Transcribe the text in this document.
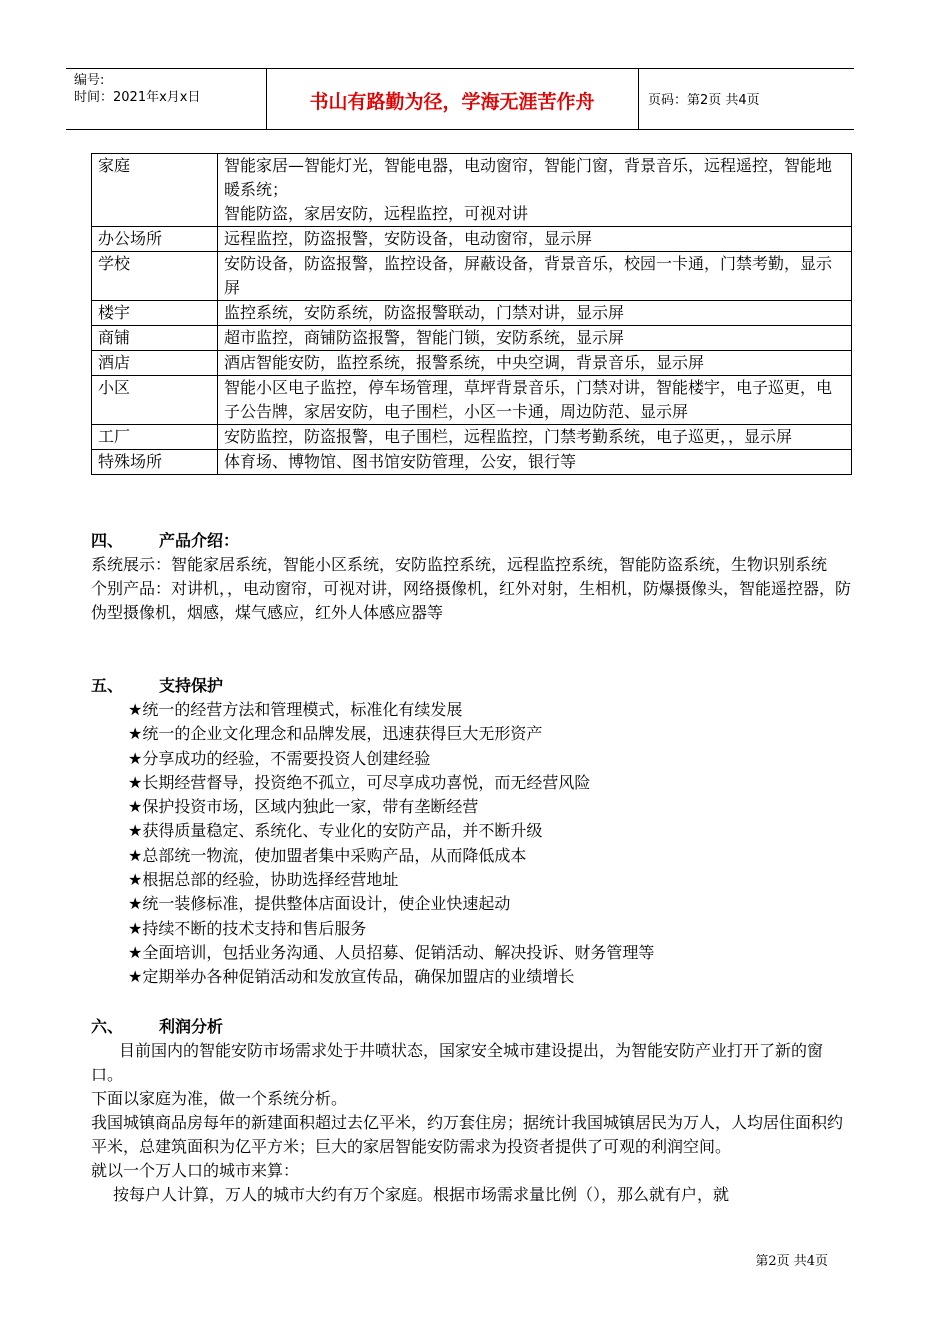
编号:
时间：2021年x月x日	书山有路勤为径，学海无涯苦作舟	页码：第2页 共4页
家庭	智能家居—智能灯光，智能电器，电动窗帘，智能门窗，背景音乐，远程遥控，智能地暖系统；
智能防盗，家居安防，远程监控，可视对讲
办公场所	远程监控，防盗报警，安防设备，电动窗帘，显示屏
学校	安防设备，防盗报警，监控设备，屏蔽设备，背景音乐，校园一卡通，门禁考勤，显示屏
楼宇	监控系统，安防系统，防盗报警联动，门禁对讲，显示屏
商铺	超市监控，商铺防盗报警，智能门锁，安防系统，显示屏
酒店	酒店智能安防，监控系统，报警系统，中央空调，背景音乐，显示屏
小区	智能小区电子监控，停车场管理，草坪背景音乐，门禁对讲，智能楼宇，电子巡更，电子公告牌，家居安防，电子围栏，小区一卡通，周边防范、显示屏
工厂	安防监控，防盗报警，电子围栏，远程监控，门禁考勤系统，电子巡更，，显示屏
特殊场所	体育场、博物馆、图书馆安防管理，公安，银行等
四、 产品介绍：

系统展示：智能家居系统，智能小区系统，安防监控系统，远程监控系统，智能防盗系统，生物识别系统

个别产品：对讲机，，电动窗帘，可视对讲，网络摄像机，红外对射，生相机，防爆摄像头，智能遥控器，防伪型摄像机，烟感，煤气感应，红外人体感应器等

五、 支持保护
★ 统一的经营方法和管理模式，标准化有续发展
★ 统一的企业文化理念和品牌发展，迅速获得巨大无形资产
★ 分享成功的经验，不需要投资人创建经验
★ 长期经营督导，投资绝不孤立，可尽享成功喜悦，而无经营风险
★ 保护投资市场，区域内独此一家，带有垄断经营
★ 获得质量稳定、系统化、专业化的安防产品，并不断升级
★ 总部统一物流，使加盟者集中采购产品，从而降低成本
★ 根据总部的经验，协助选择经营地址
★ 统一装修标准，提供整体店面设计，使企业快速起动
★ 持续不断的技术支持和售后服务
★ 全面培训，包括业务沟通、人员招募、促销活动、解决投诉、财务管理等
★ 定期举办各种促销活动和发放宣传品，确保加盟店的业绩增长
六、 利润分析

目前国内的智能安防市场需求处于井喷状态，国家安全城市建设提出，为智能安防产业打开了新的窗口。

下面以家庭为准，做一个系统分析。

我国城镇商品房每年的新建面积超过去亿平米，约万套住房；据统计我国城镇居民为万人，人均居住面积约平米，总建筑面积为亿平方米；巨大的家居智能安防需求为投资者提供了可观的利润空间。

就以一个万人口的城市来算：

按每户人计算，万人的城市大约有万个家庭。根据市场需求量比例（），那么就有户，就

第2页 共4页
